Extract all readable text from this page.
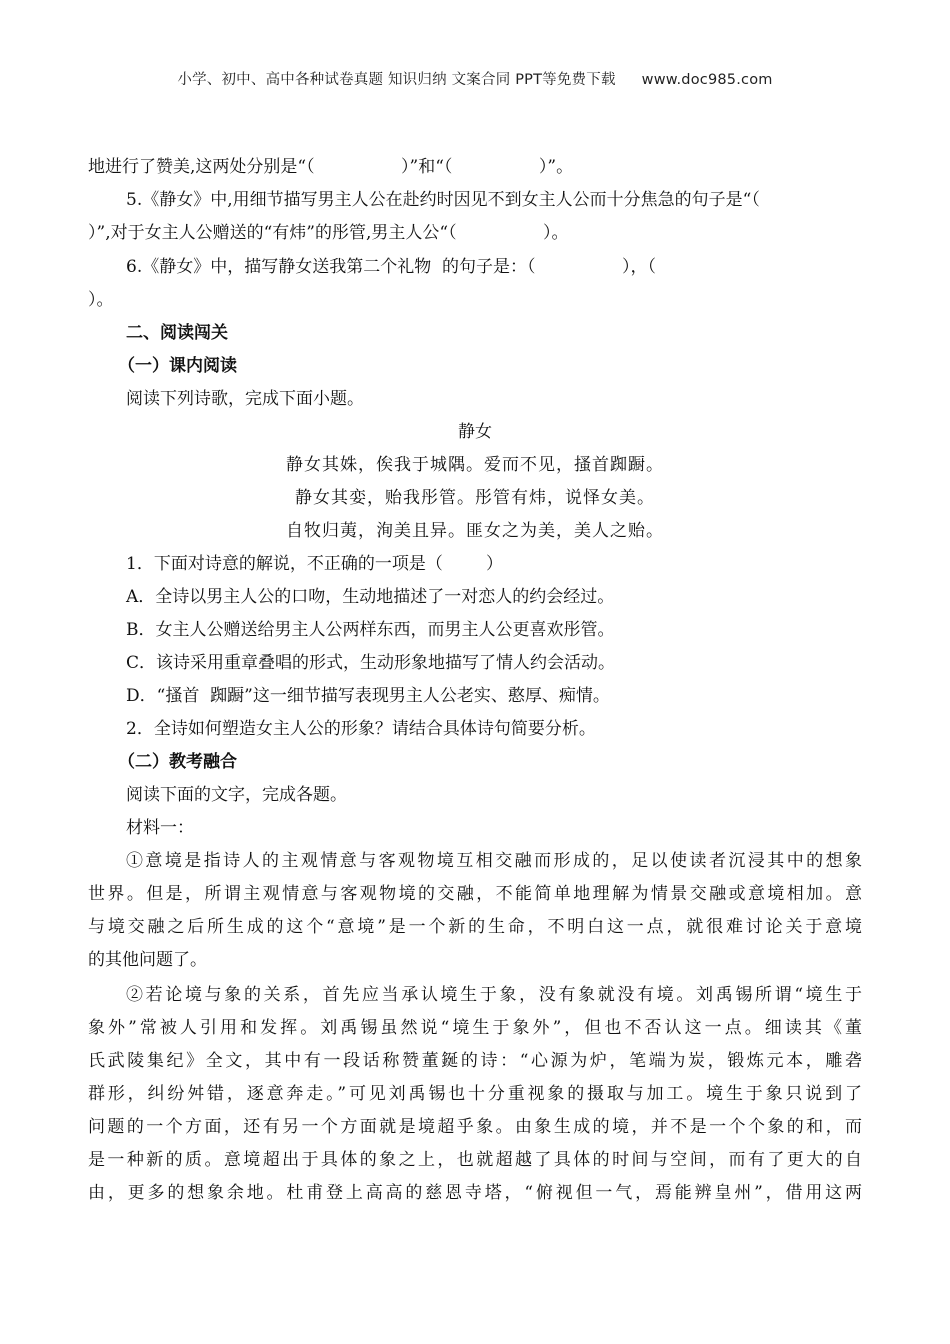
小学、初中、高中各种试卷真题 知识归纳 文案合同 PPT等免费下载 www.doc985.com
地进行了赞美,这两处分别是“（                ）”和“（                ）”。
5.《静女》中,用细节描写男主人公在赴约时因见不到女主人公而十分焦急的句子是“（
）”,对于女主人公赠送的“有炜”的彤管,男主人公“（                ）。
6.《静女》中，描写静女送我第二个礼物  的句子是：（                ），（
）。
二、阅读闯关
（一）课内阅读
阅读下列诗歌，完成下面小题。
静女
静女其姝，俟我于城隅。爱而不见，搔首踟蹰。
静女其娈，贻我彤管。彤管有炜，说怿女美。
自牧归荑，洵美且异。匪女之为美，美人之贻。
1．下面对诗意的解说，不正确的一项是（        ）
A．全诗以男主人公的口吻，生动地描述了一对恋人的约会经过。
B．女主人公赠送给男主人公两样东西，而男主人公更喜欢彤管。
C．该诗采用重章叠唱的形式，生动形象地描写了情人约会活动。
D．“搔首  踟蹰”这一细节描写表现男主人公老实、憨厚、痴情。
2．全诗如何塑造女主人公的形象？请结合具体诗句简要分析。
（二）教考融合
阅读下面的文字，完成各题。
材料一：
①意境是指诗人的主观情意与客观物境互相交融而形成的，足以使读者沉浸其中的想象
世界。但是，所谓主观情意与客观物境的交融，不能简单地理解为情景交融或意境相加。意
与境交融之后所生成的这个“意境”是一个新的生命，不明白这一点，就很难讨论关于意境
的其他问题了。
②若论境与象的关系，首先应当承认境生于象，没有象就没有境。刘禹锡所谓“境生于
象外”常被人引用和发挥。刘禹锡虽然说“境生于象外”，但也不否认这一点。细读其《董
氏武陵集纪》全文，其中有一段话称赞董鋋的诗：“心源为炉，笔端为炭，锻炼元本，雕砻
群形，纠纷舛错，逐意奔走。”可见刘禹锡也十分重视象的摄取与加工。境生于象只说到了
问题的一个方面，还有另一个方面就是境超乎象。由象生成的境，并不是一个个象的和，而
是一种新的质。意境超出于具体的象之上，也就超越了具体的时间与空间，而有了更大的自
由，更多的想象余地。杜甫登上高高的慈恩寺塔，“俯视但一气，焉能辨皇州”，借用这两
